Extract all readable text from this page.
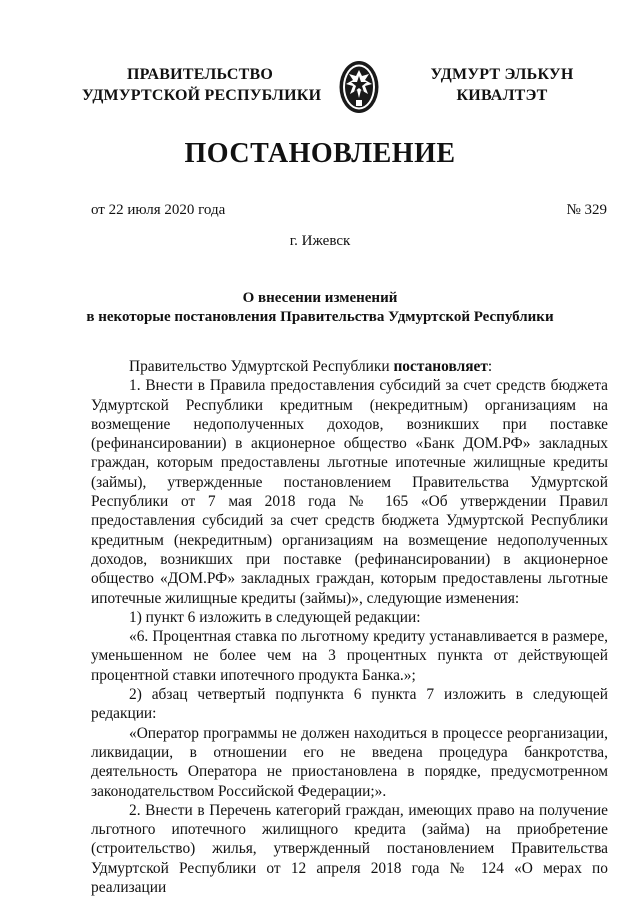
ПРАВИТЕЛЬСТВО
УДМУРТСКОЙ РЕСПУБЛИКИ
УДМУРТ ЭЛЬКУН
КИВАЛТЭТ
ПОСТАНОВЛЕНИЕ
от 22 июля 2020 года	№ 329
г. Ижевск
О внесении изменений
в некоторые постановления Правительства Удмуртской Республики

Правительство Удмуртской Республики постановляет:

1. Внести в Правила предоставления субсидий за счет средств бюджета Удмуртской Республики кредитным (некредитным) организациям на возмещение недополученных доходов, возникших при поставке (рефинансировании) в акционерное общество «Банк ДОМ.РФ» закладных граждан, которым предоставлены льготные ипотечные жилищные кредиты (займы), утвержденные постановлением Правительства Удмуртской Республики от 7 мая 2018 года № 165 «Об утверждении Правил предоставления субсидий за счет средств бюджета Удмуртской Республики кредитным (некредитным) организациям на возмещение недополученных доходов, возникших при поставке (рефинансировании) в акционерное общество «ДОМ.РФ» закладных граждан, которым предоставлены льготные ипотечные жилищные кредиты (займы)», следующие изменения:

1) пункт 6 изложить в следующей редакции:

«6. Процентная ставка по льготному кредиту устанавливается в размере, уменьшенном не более чем на 3 процентных пункта от действующей процентной ставки ипотечного продукта Банка.»;

2) абзац четвертый подпункта 6 пункта 7 изложить в следующей редакции:

«Оператор программы не должен находиться в процессе реорганизации, ликвидации, в отношении его не введена процедура банкротства, деятельность Оператора не приостановлена в порядке, предусмотренном законодательством Российской Федерации;».

2. Внести в Перечень категорий граждан, имеющих право на получение льготного ипотечного жилищного кредита (займа) на приобретение (строительство) жилья, утвержденный постановлением Правительства Удмуртской Республики от 12 апреля 2018 года № 124 «О мерах по реализации
